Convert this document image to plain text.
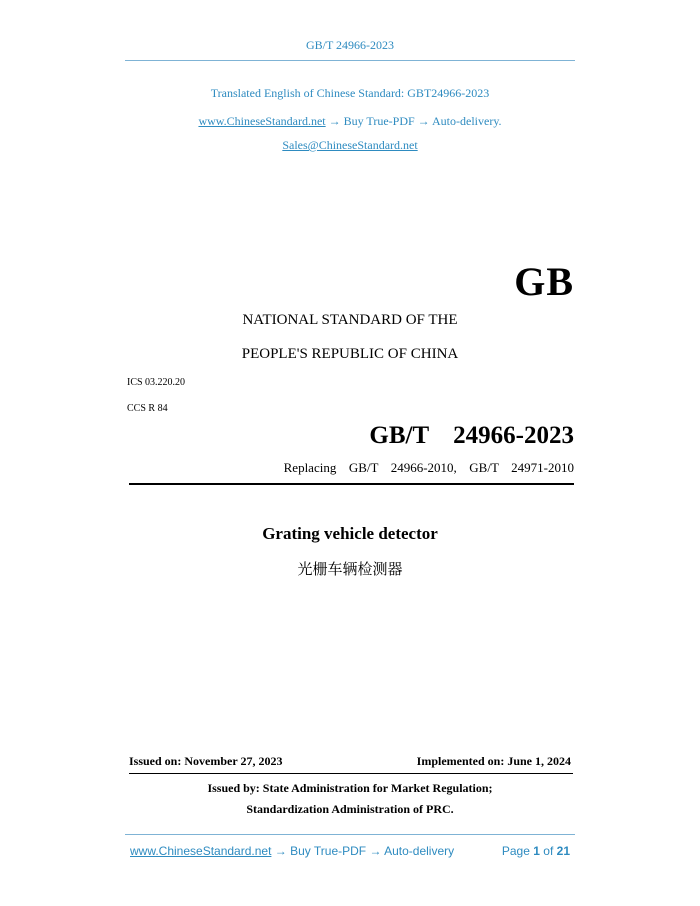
GB/T 24966-2023
Translated English of Chinese Standard: GBT24966-2023
www.ChineseStandard.net → Buy True-PDF → Auto-delivery.
Sales@ChineseStandard.net
GB
NATIONAL STANDARD OF THE
PEOPLE'S REPUBLIC OF CHINA
ICS 03.220.20
CCS R 84
GB/T  24966-2023
Replacing  GB/T  24966-2010,  GB/T  24971-2010
Grating vehicle detector
光栅车辆检测器
Issued on: November 27, 2023	Implemented on: June 1, 2024
Issued by: State Administration for Market Regulation;
Standardization Administration of PRC.
www.ChineseStandard.net → Buy True-PDF → Auto-delivery	Page 1 of 21
